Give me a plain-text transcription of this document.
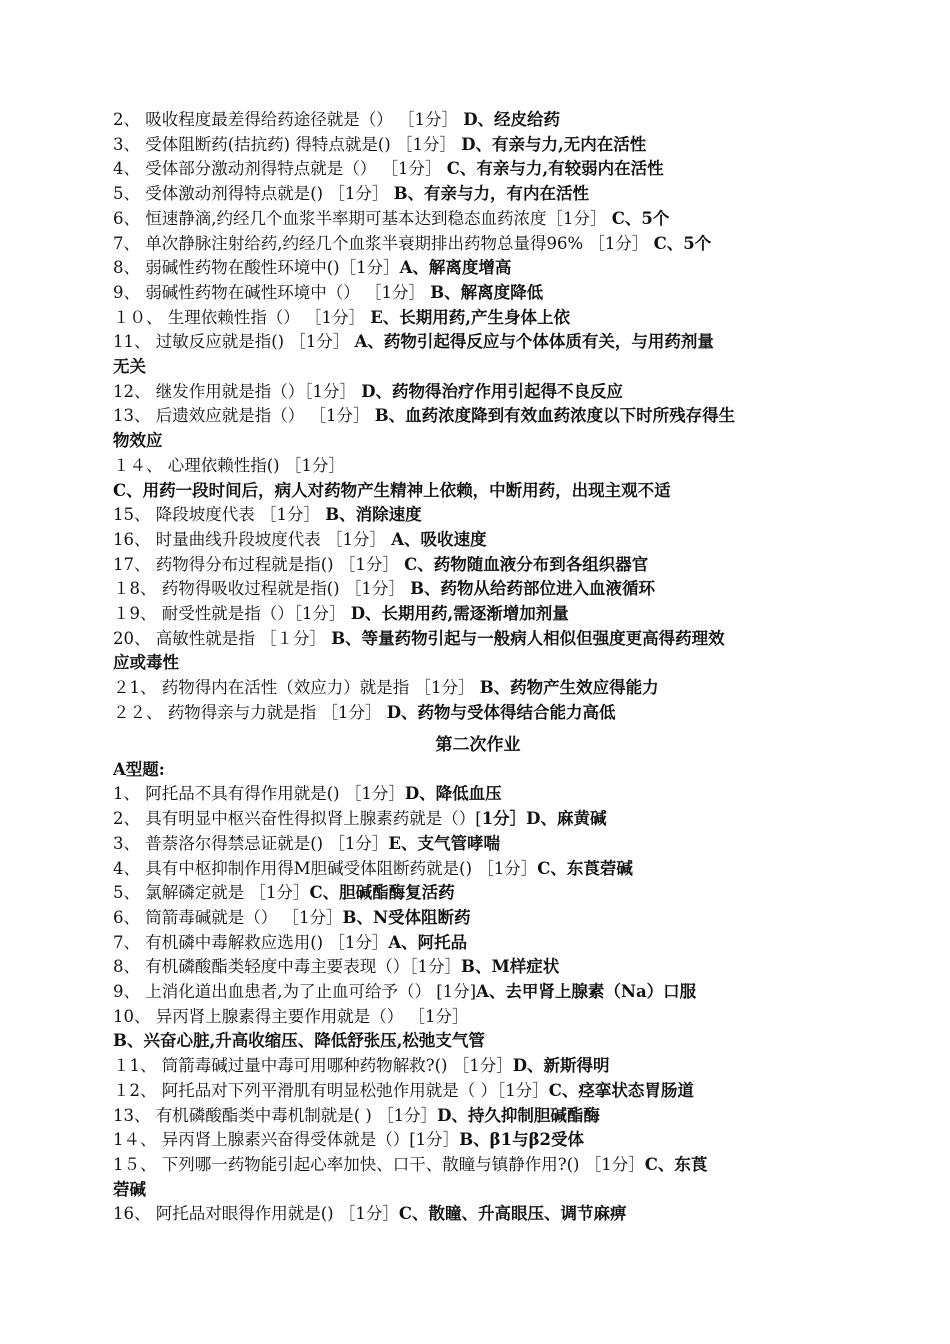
2、 吸收程度最差得给药途径就是（） ［1分］ D、经皮给药
3、 受体阻断药(拮抗药) 得特点就是() ［1分］ D、有亲与力,无内在活性
4、 受体部分激动剂得特点就是（） ［1分］ C、有亲与力,有较弱内在活性
5、 受体激动剂得特点就是() ［1分］ B、有亲与力，有内在活性
6、 恒速静滴,约经几个血浆半率期可基本达到稳态血药浓度［1分］ C、5个
7、 单次静脉注射给药,约经几个血浆半衰期排出药物总量得96% ［1分］ C、5个
8、 弱碱性药物在酸性环境中()［1分］A、解离度增高
9、 弱碱性药物在碱性环境中（） ［1分］ B、解离度降低
１０、 生理依赖性指（） ［1分］ E、长期用药,产生身体上依
11、 过敏反应就是指() ［1分］ A、药物引起得反应与个体体质有关，与用药剂量
无关
12、 继发作用就是指（）［1分］ D、药物得治疗作用引起得不良反应
13、 后遗效应就是指（） ［1分］ B、血药浓度降到有效血药浓度以下时所残存得生
物效应
１４、 心理依赖性指() ［1分］
C、用药一段时间后，病人对药物产生精神上依赖，中断用药，出现主观不适
15、 降段坡度代表 ［1分］ B、消除速度
16、 时量曲线升段坡度代表 ［1分］ A、吸收速度
17、 药物得分布过程就是指() ［1分］ C、药物随血液分布到各组织器官
１8、 药物得吸收过程就是指() ［1分］ B、药物从给药部位进入血液循环
１9、 耐受性就是指（）［1分］ D、长期用药,需逐渐增加剂量
20、 高敏性就是指 ［１分］ B、等量药物引起与一般病人相似但强度更高得药理效
应或毒性
２1、 药物得内在活性（效应力）就是指 ［1分］ B、药物产生效应得能力
２２、 药物得亲与力就是指 ［1分］ D、药物与受体得结合能力高低
第二次作业
A型题:
1、 阿托品不具有得作用就是() ［1分］D、降低血压
2、 具有明显中枢兴奋性得拟肾上腺素药就是（）[1分］D、麻黄碱
3、 普萘洛尔得禁忌证就是() ［1分］E、支气管哮喘
4、 具有中枢抑制作用得M胆碱受体阻断药就是() ［1分］C、东莨菪碱
5、 氯解磷定就是 ［1分］C、胆碱酯酶复活药
6、 筒箭毒碱就是（） ［1分］B、N受体阻断药
7、 有机磷中毒解救应选用() ［1分］A、阿托品
8、 有机磷酸酯类轻度中毒主要表现（）［1分］B、M样症状
9、 上消化道出血患者,为了止血可给予（） [1分]A、去甲肾上腺素（Na）口服
10、 异丙肾上腺素得主要作用就是（） ［1分］
B、兴奋心脏,升高收缩压、降低舒张压,松弛支气管
１1、 筒箭毒碱过量中毒可用哪种药物解救?() ［1分］D、新斯得明
１2、 阿托品对下列平滑肌有明显松弛作用就是（ ）［1分］C、痉挛状态胃肠道
13、 有机磷酸酯类中毒机制就是( ) ［1分］D、持久抑制胆碱酯酶
1４、 异丙肾上腺素兴奋得受体就是（）[1分］B、β1与β2受体
1５、 下列哪一药物能引起心率加快、口干、散瞳与镇静作用?() ［1分］C、东莨
菪碱
16、 阿托品对眼得作用就是() ［1分］C、散瞳、升高眼压、调节麻痹
